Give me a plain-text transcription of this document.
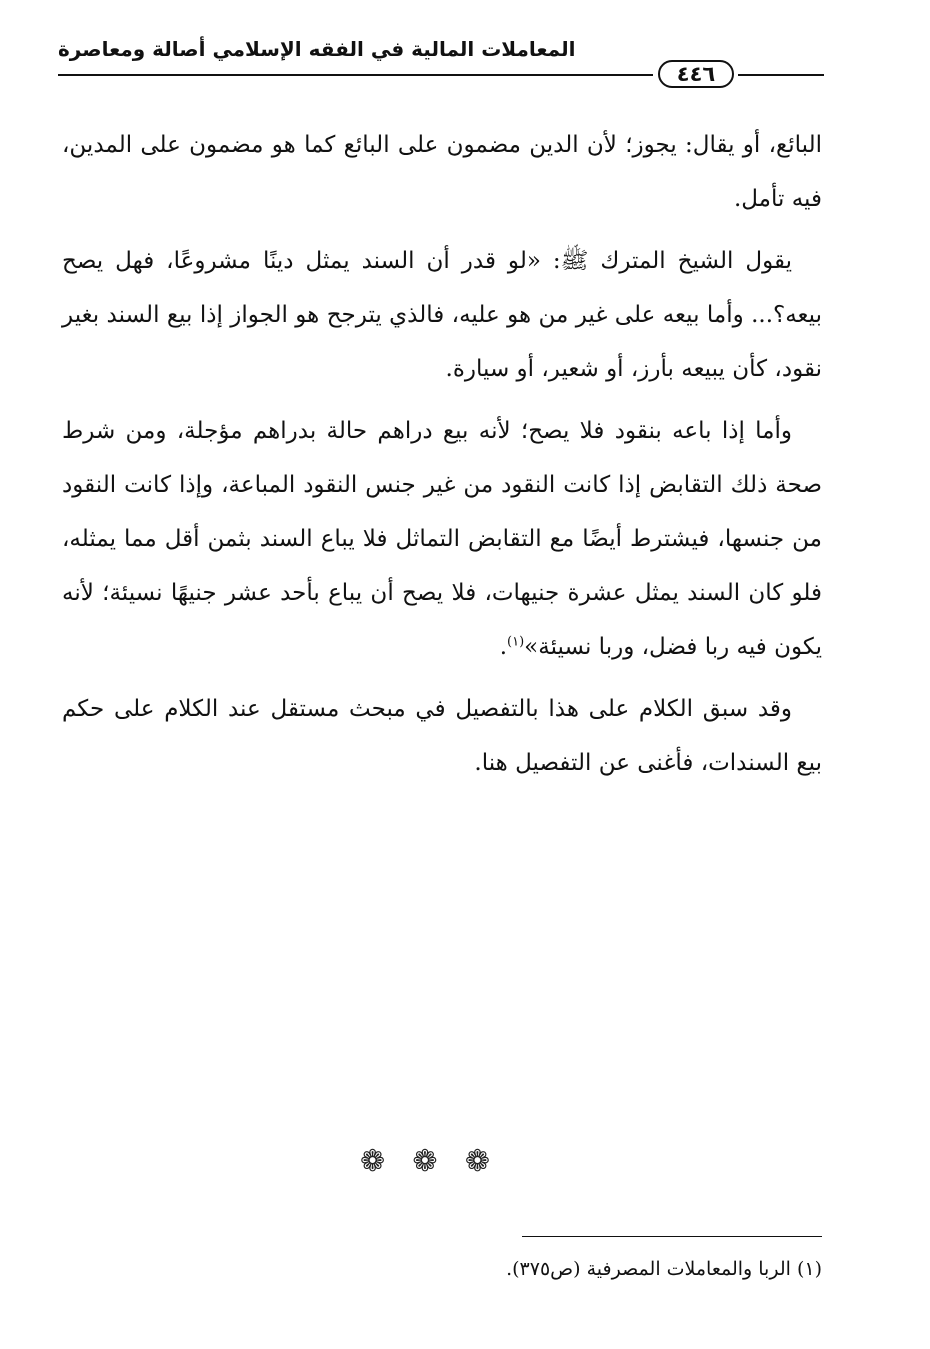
المعاملات المالية في الفقه الإسلامي أصالة ومعاصرة
٤٤٦

البائع، أو يقال: يجوز؛ لأن الدين مضمون على البائع كما هو مضمون على المدين، فيه تأمل.

يقول الشيخ المترك ﷺ: «لو قدر أن السند يمثل دينًا مشروعًا، فهل يصح بيعه؟... وأما بيعه على غير من هو عليه، فالذي يترجح هو الجواز إذا بيع السند بغير نقود، كأن يبيعه بأرز، أو شعير، أو سيارة.

وأما إذا باعه بنقود فلا يصح؛ لأنه بيع دراهم حالة بدراهم مؤجلة، ومن شرط صحة ذلك التقابض إذا كانت النقود من غير جنس النقود المباعة، وإذا كانت النقود من جنسها، فيشترط أيضًا مع التقابض التماثل فلا يباع السند بثمن أقل مما يمثله، فلو كان السند يمثل عشرة جنيهات، فلا يصح أن يباع بأحد عشر جنيهًا نسيئة؛ لأنه يكون فيه ربا فضل، وربا نسيئة»$^{(١)}$.

وقد سبق الكلام على هذا بالتفصيل في مبحث مستقل عند الكلام على حكم بيع السندات، فأغنى عن التفصيل هنا.

❁ ❁ ❁
(١) الربا والمعاملات المصرفية (ص٣٧٥).
